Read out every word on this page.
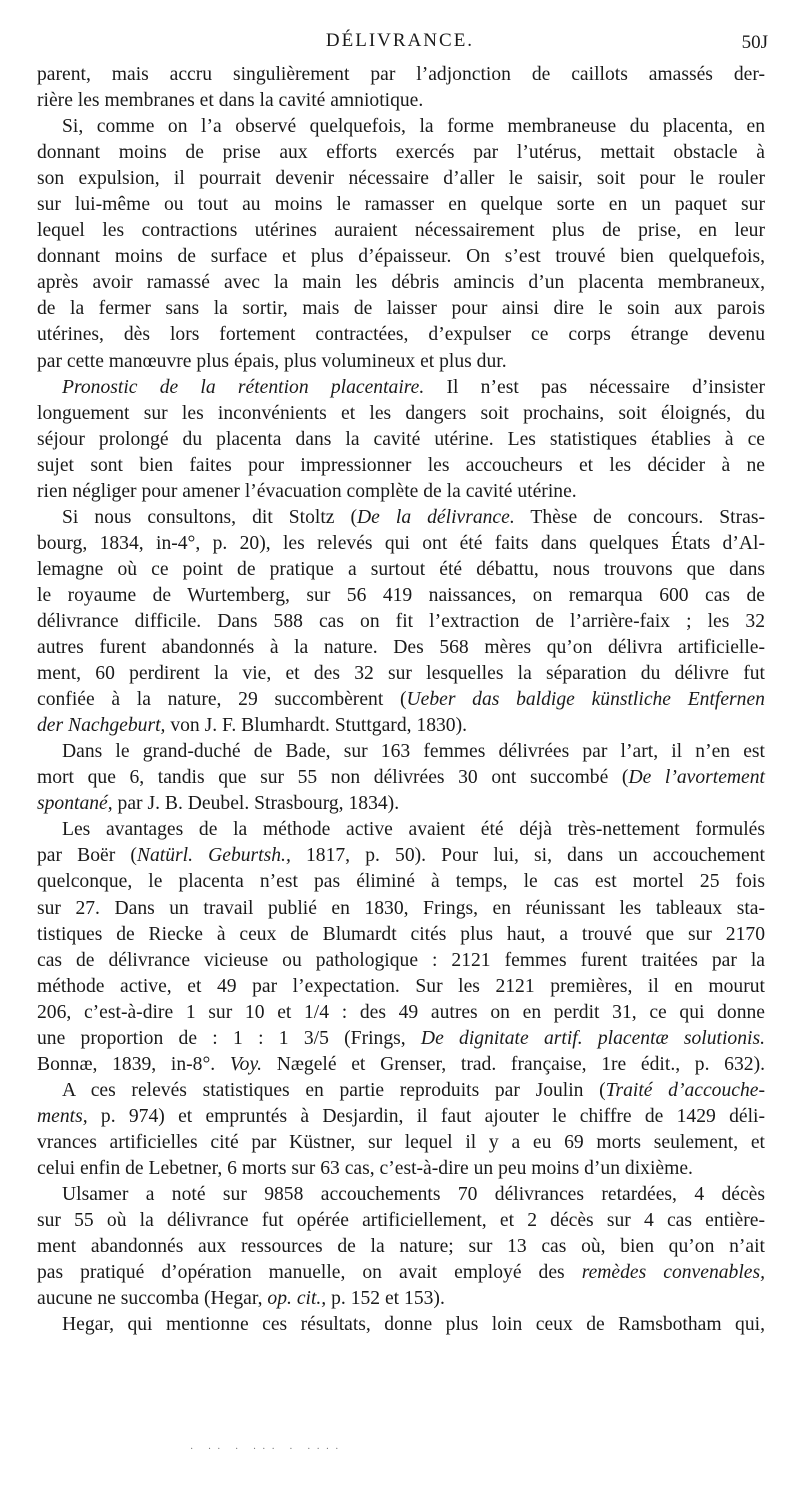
DÉLIVRANCE.	50J
parent, mais accru singulièrement par l’adjonction de caillots amassés der-
rière les membranes et dans la cavité amniotique.
Si, comme on l’a observé quelquefois, la forme membraneuse du placenta, en
donnant moins de prise aux efforts exercés par l’utérus, mettait obstacle à
son expulsion, il pourrait devenir nécessaire d’aller le saisir, soit pour le rouler
sur lui-même ou tout au moins le ramasser en quelque sorte en un paquet sur
lequel les contractions utérines auraient nécessairement plus de prise, en leur
donnant moins de surface et plus d’épaisseur. On s’est trouvé bien quelquefois,
après avoir ramassé avec la main les débris amincis d’un placenta membraneux,
de la fermer sans la sortir, mais de laisser pour ainsi dire le soin aux parois
utérines, dès lors fortement contractées, d’expulser ce corps étrange devenu
par cette manœuvre plus épais, plus volumineux et plus dur.
Pronostic de la rétention placentaire. Il n’est pas nécessaire d’insister
longuement sur les inconvénients et les dangers soit prochains, soit éloignés, du
séjour prolongé du placenta dans la cavité utérine. Les statistiques établies à ce
sujet sont bien faites pour impressionner les accoucheurs et les décider à ne
rien négliger pour amener l’évacuation complète de la cavité utérine.
Si nous consultons, dit Stoltz (De la délivrance. Thèse de concours. Stras-
bourg, 1834, in-4°, p. 20), les relevés qui ont été faits dans quelques États d’Al-
lemagne où ce point de pratique a surtout été débattu, nous trouvons que dans
le royaume de Wurtemberg, sur 56 419 naissances, on remarqua 600 cas de
délivrance difficile. Dans 588 cas on fit l’extraction de l’arrière-faix ; les 32
autres furent abandonnés à la nature. Des 568 mères qu’on délivra artificielle-
ment, 60 perdirent la vie, et des 32 sur lesquelles la séparation du délivre fut
confiée à la nature, 29 succombèrent (Ueber das baldige künstliche Entfernen
der Nachgeburt, von J. F. Blumhardt. Stuttgard, 1830).
Dans le grand-duché de Bade, sur 163 femmes délivrées par l’art, il n’en est
mort que 6, tandis que sur 55 non délivrées 30 ont succombé (De l’avortement
spontané, par J. B. Deubel. Strasbourg, 1834).
Les avantages de la méthode active avaient été déjà très-nettement formulés
par Boër (Natürl. Geburtsh., 1817, p. 50). Pour lui, si, dans un accouchement
quelconque, le placenta n’est pas éliminé à temps, le cas est mortel 25 fois
sur 27. Dans un travail publié en 1830, Frings, en réunissant les tableaux sta-
tistiques de Riecke à ceux de Blumardt cités plus haut, a trouvé que sur 2170
cas de délivrance vicieuse ou pathologique : 2121 femmes furent traitées par la
méthode active, et 49 par l’expectation. Sur les 2121 premières, il en mourut
206, c’est-à-dire 1 sur 10 et 1/4 : des 49 autres on en perdit 31, ce qui donne
une proportion de : 1 : 1 3/5 (Frings, De dignitate artif. placentæ solutionis.
Bonnæ, 1839, in-8°. Voy. Nægelé et Grenser, trad. française, 1re édit., p. 632).
A ces relevés statistiques en partie reproduits par Joulin (Traité d’accouche-
ments, p. 974) et empruntés à Desjardin, il faut ajouter le chiffre de 1429 déli-
vrances artificielles cité par Küstner, sur lequel il y a eu 69 morts seulement, et
celui enfin de Lebetner, 6 morts sur 63 cas, c’est-à-dire un peu moins d’un dixième.
Ulsamer a noté sur 9858 accouchements 70 délivrances retardées, 4 décès
sur 55 où la délivrance fut opérée artificiellement, et 2 décès sur 4 cas entière-
ment abandonnés aux ressources de la nature; sur 13 cas où, bien qu’on n’ait
pas pratiqué d’opération manuelle, on avait employé des remèdes convenables,
aucune ne succomba (Hegar, op. cit., p. 152 et 153).
Hegar, qui mentionne ces résultats, donne plus loin ceux de Ramsbotham qui,
· ·· · ··· · ····
